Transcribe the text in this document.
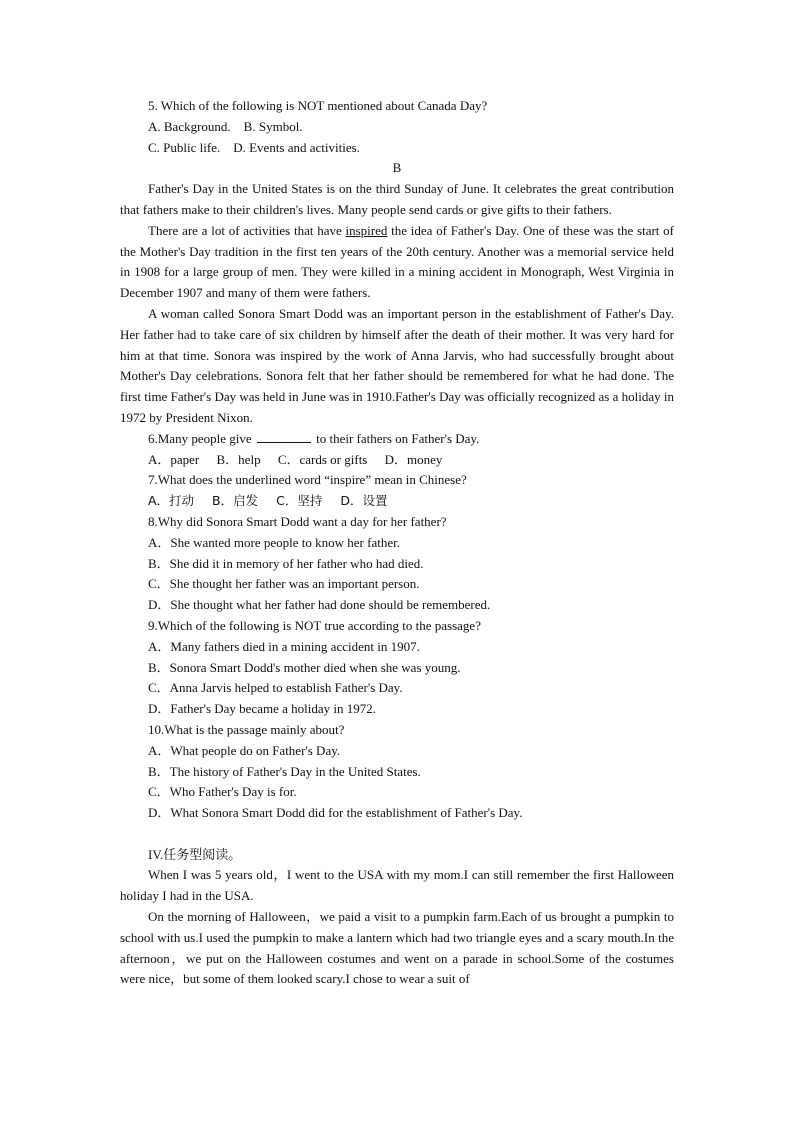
5. Which of the following is NOT mentioned about Canada Day?
A. Background.    B. Symbol.
C. Public life.    D. Events and activities.
B
Father's Day in the United States is on the third Sunday of June. It celebrates the great contribution that fathers make to their children's lives. Many people send cards or give gifts to their fathers.
There are a lot of activities that have inspired the idea of Father's Day. One of these was the start of the Mother's Day tradition in the first ten years of the 20th century. Another was a memorial service held in 1908 for a large group of men. They were killed in a mining accident in Monograph, West Virginia in December 1907 and many of them were fathers.
A woman called Sonora Smart Dodd was an important person in the establishment of Father's Day. Her father had to take care of six children by himself after the death of their mother. It was very hard for him at that time. Sonora was inspired by the work of Anna Jarvis, who had successfully brought about Mother's Day celebrations. Sonora felt that her father should be remembered for what he had done. The first time Father's Day was held in June was in 1910.Father's Day was officially recognized as a holiday in 1972 by President Nixon.
6.Many people give	to their fathers on Father's Day.
A．paper B．help C．cards or gifts D．money
7.What does the underlined word “inspire” mean in Chinese?
A．打动 B．启发 C．坚持 D．设置
8.Why did Sonora Smart Dodd want a day for her father?
A．She wanted more people to know her father.
B．She did it in memory of her father who had died.
C．She thought her father was an important person.
D．She thought what her father had done should be remembered.
9.Which of the following is NOT true according to the passage?
A．Many fathers died in a mining accident in 1907.
B．Sonora Smart Dodd's mother died when she was young.
C．Anna Jarvis helped to establish Father's Day.
D．Father's Day became a holiday in 1972.
10.What is the passage mainly about?
A．What people do on Father's Day.
B．The history of Father's Day in the United States.
C．Who Father's Day is for.
D．What Sonora Smart Dodd did for the establishment of Father's Day.
IV.任务型阅读。
When I was 5 years old，I went to the USA with my mom.I can still remember the first Halloween holiday I had in the USA.
On the morning of Halloween，we paid a visit to a pumpkin farm.Each of us brought a pumpkin to school with us.I used the pumpkin to make a lantern which had two triangle eyes and a scary mouth.In the afternoon，we put on the Halloween costumes and went on a parade in school.Some of the costumes were nice，but some of them looked scary.I chose to wear a suit of
